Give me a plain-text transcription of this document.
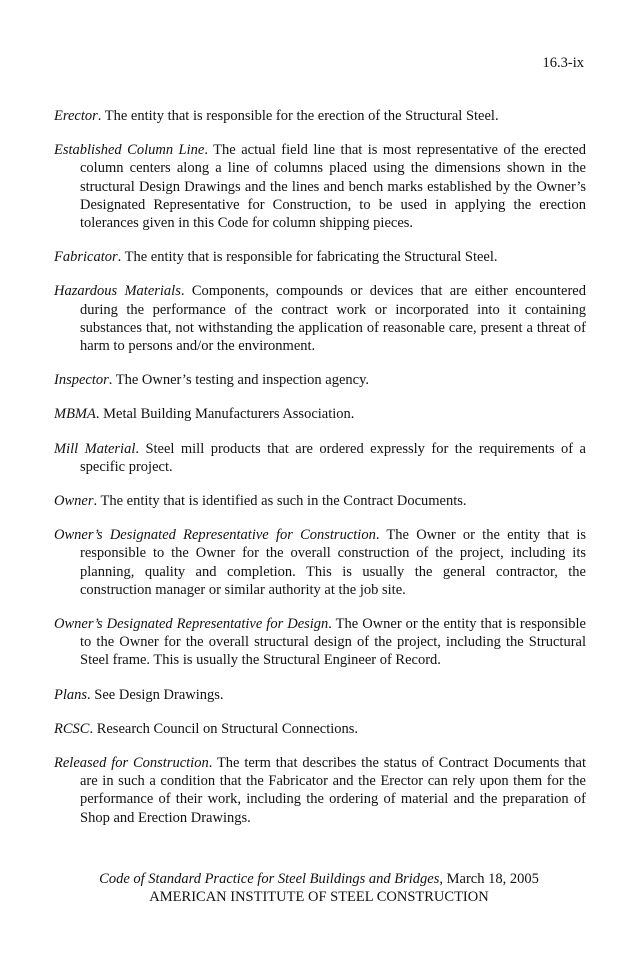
16.3-ix

Erector. The entity that is responsible for the erection of the Structural Steel.

Established Column Line. The actual field line that is most representative of the erected column centers along a line of columns placed using the dimensions shown in the structural Design Drawings and the lines and bench marks established by the Owner’s Designated Representative for Construction, to be used in applying the erection tolerances given in this Code for column shipping pieces.

Fabricator. The entity that is responsible for fabricating the Structural Steel.

Hazardous Materials. Components, compounds or devices that are either encountered during the performance of the contract work or incorporated into it containing substances that, not withstanding the application of reasonable care, present a threat of harm to persons and/or the environment.

Inspector. The Owner’s testing and inspection agency.

MBMA. Metal Building Manufacturers Association.

Mill Material. Steel mill products that are ordered expressly for the requirements of a specific project.

Owner. The entity that is identified as such in the Contract Documents.

Owner’s Designated Representative for Construction. The Owner or the entity that is responsible to the Owner for the overall construction of the project, including its planning, quality and completion. This is usually the general contractor, the construction manager or similar authority at the job site.

Owner’s Designated Representative for Design. The Owner or the entity that is responsible to the Owner for the overall structural design of the project, including the Structural Steel frame. This is usually the Structural Engineer of Record.

Plans. See Design Drawings.

RCSC. Research Council on Structural Connections.

Released for Construction. The term that describes the status of Contract Documents that are in such a condition that the Fabricator and the Erector can rely upon them for the performance of their work, including the ordering of material and the preparation of Shop and Erection Drawings.

Code of Standard Practice for Steel Buildings and Bridges, March 18, 2005
AMERICAN INSTITUTE OF STEEL CONSTRUCTION
